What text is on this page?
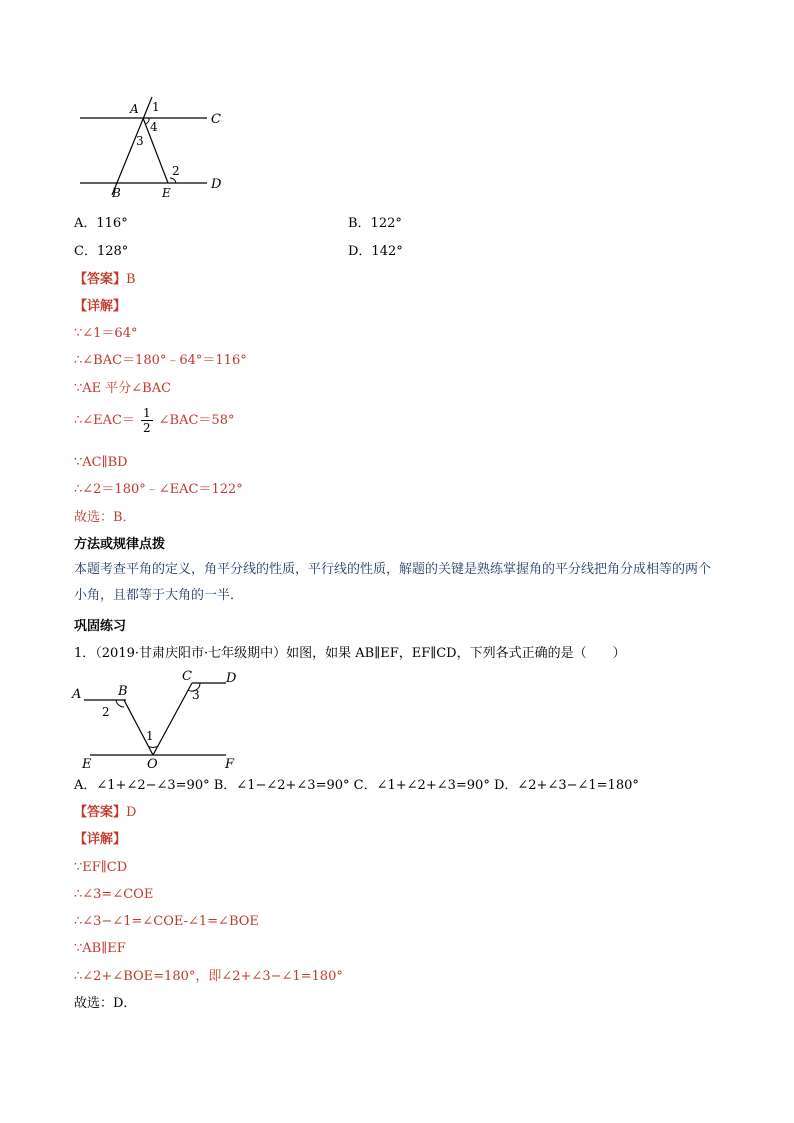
A 1
4	C
3
2
B	E
D
A．116°	B．122°
C．128°	D．142°
【答案】B
【详解】
∵∠1＝64°
∴∠BAC＝180°﹣64°＝116°
∵AE 平分∠BAC
∴∠EAC＝ $\frac{1}{2}$ ∠BAC＝58°
∵AC∥BD
∴∠2＝180°﹣∠EAC＝122°
故选：B．
方法或规律点拨
本题考查平角的定义，角平分线的性质，平行线的性质，解题的关键是熟练掌握角的平分线把角分成相等的两个小角，且都等于大角的一半．
巩固练习
1．（2019·甘肃庆阳市·七年级期中）如图，如果 AB∥EF，EF∥CD，下列各式正确的是（　　）
A	B
2
C	D
3
1
O
E	F
A．∠1+∠2−∠3=90° B．∠1−∠2+∠3=90° C．∠1+∠2+∠3=90° D．∠2+∠3−∠1=180°
【答案】D
【详解】
∵EF∥CD
∴∠3=∠COE
∴∠3−∠1=∠COE-∠1=∠BOE
∵AB∥EF
∴∠2+∠BOE=180°，即∠2+∠3−∠1=180°
故选：D．
